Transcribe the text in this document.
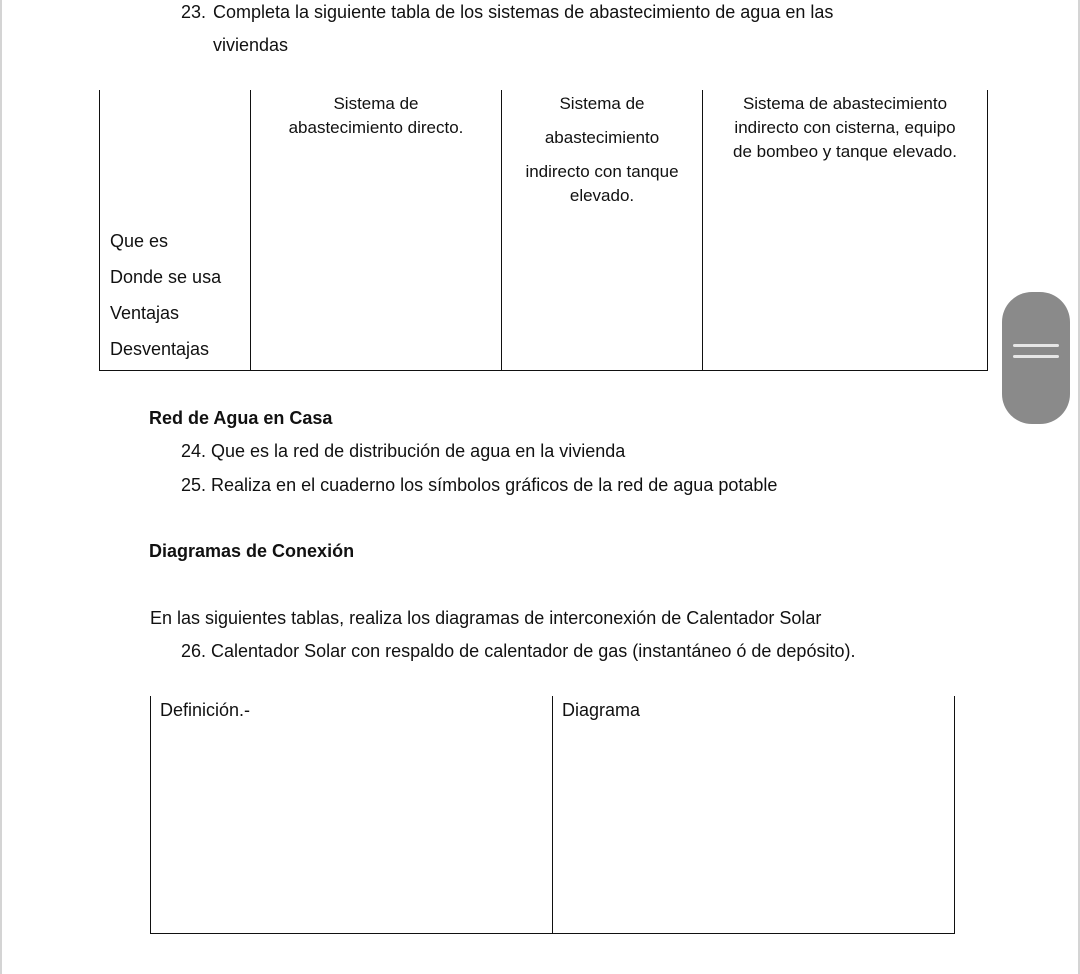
23. Completa la siguiente tabla de los sistemas de abastecimiento de agua en las
viviendas
Sistema de
abastecimiento directo.
Sistema de
abastecimiento
indirecto con tanque
elevado.
Sistema de abastecimiento
indirecto con cisterna, equipo
de bombeo y tanque elevado.
Que es
Donde se usa
Ventajas
Desventajas
Red de Agua en Casa
24. Que es la red de distribución de agua en la vivienda
25. Realiza en el cuaderno los símbolos gráficos de la red de agua potable
Diagramas de Conexión
En las siguientes tablas, realiza los diagramas de interconexión de Calentador Solar
26. Calentador Solar con respaldo de calentador de gas (instantáneo ó de depósito).
Definición.-	Diagrama
